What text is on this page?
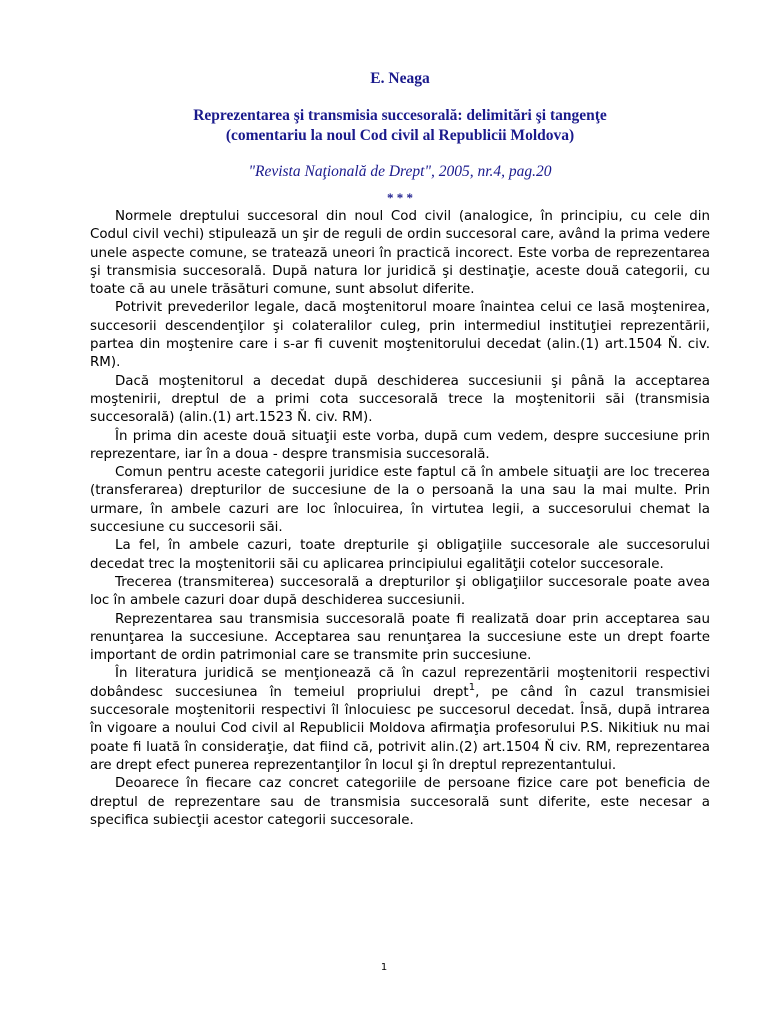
E. Neaga

Reprezentarea şi transmisia succesorală: delimitări şi tangenţe
(comentariu la noul Cod civil al Republicii Moldova)

"Revista Naţională de Drept", 2005, nr.4, pag.20

* * *

Normele dreptului succesoral din noul Cod civil (analogice, în principiu, cu cele din Codul civil vechi) stipulează un şir de reguli de ordin succesoral care, având la prima vedere unele aspecte comune, se tratează uneori în practică incorect. Este vorba de reprezentarea şi transmisia succesorală. După natura lor juridică şi destinaţie, aceste două categorii, cu toate că au unele trăsături comune, sunt absolut diferite.

Potrivit prevederilor legale, dacă moştenitorul moare înaintea celui ce lasă moştenirea, succesorii descendenţilor şi colateralilor culeg, prin intermediul instituţiei reprezentării, partea din moştenire care i s-ar fi cuvenit moştenitorului decedat (alin.(1) art.1504 Ň. civ. RM).

Dacă moştenitorul a decedat după deschiderea succesiunii şi până la acceptarea moştenirii, dreptul de a primi cota succesorală trece la moştenitorii săi (transmisia succesorală) (alin.(1) art.1523 Ň. civ. RM).

În prima din aceste două situaţii este vorba, după cum vedem, despre succesiune prin reprezentare, iar în a doua - despre transmisia succesorală.

Comun pentru aceste categorii juridice este faptul că în ambele situaţii are loc trecerea (transferarea) drepturilor de succesiune de la o persoană la una sau la mai multe. Prin urmare, în ambele cazuri are loc înlocuirea, în virtutea legii, a succesorului chemat la succesiune cu succesorii săi.

La fel, în ambele cazuri, toate drepturile şi obligaţiile succesorale ale succesorului decedat trec la moştenitorii săi cu aplicarea principiului egalităţii cotelor succesorale.

Trecerea (transmiterea) succesorală a drepturilor şi obligaţiilor succesorale poate avea loc în ambele cazuri doar după deschiderea succesiunii.

Reprezentarea sau transmisia succesorală poate fi realizată doar prin acceptarea sau renunţarea la succesiune. Acceptarea sau renunţarea la succesiune este un drept foarte important de ordin patrimonial care se transmite prin succesiune.

În literatura juridică se menţionează că în cazul reprezentării moştenitorii respectivi dobândesc succesiunea în temeiul propriului drept$^1$, pe când în cazul transmisiei succesorale moştenitorii respectivi îl înlocuiesc pe succesorul decedat. Însă, după intrarea în vigoare a noului Cod civil al Republicii Moldova afirmaţia profesorului P.S. Nikitiuk nu mai poate fi luată în consideraţie, dat fiind că, potrivit alin.(2) art.1504 Ň civ. RM, reprezentarea are drept efect punerea reprezentanţilor în locul şi în dreptul reprezentantului.

Deoarece în fiecare caz concret categoriile de persoane fizice care pot beneficia de dreptul de reprezentare sau de transmisia succesorală sunt diferite, este necesar a specifica subiecţii acestor categorii succesorale.

1
